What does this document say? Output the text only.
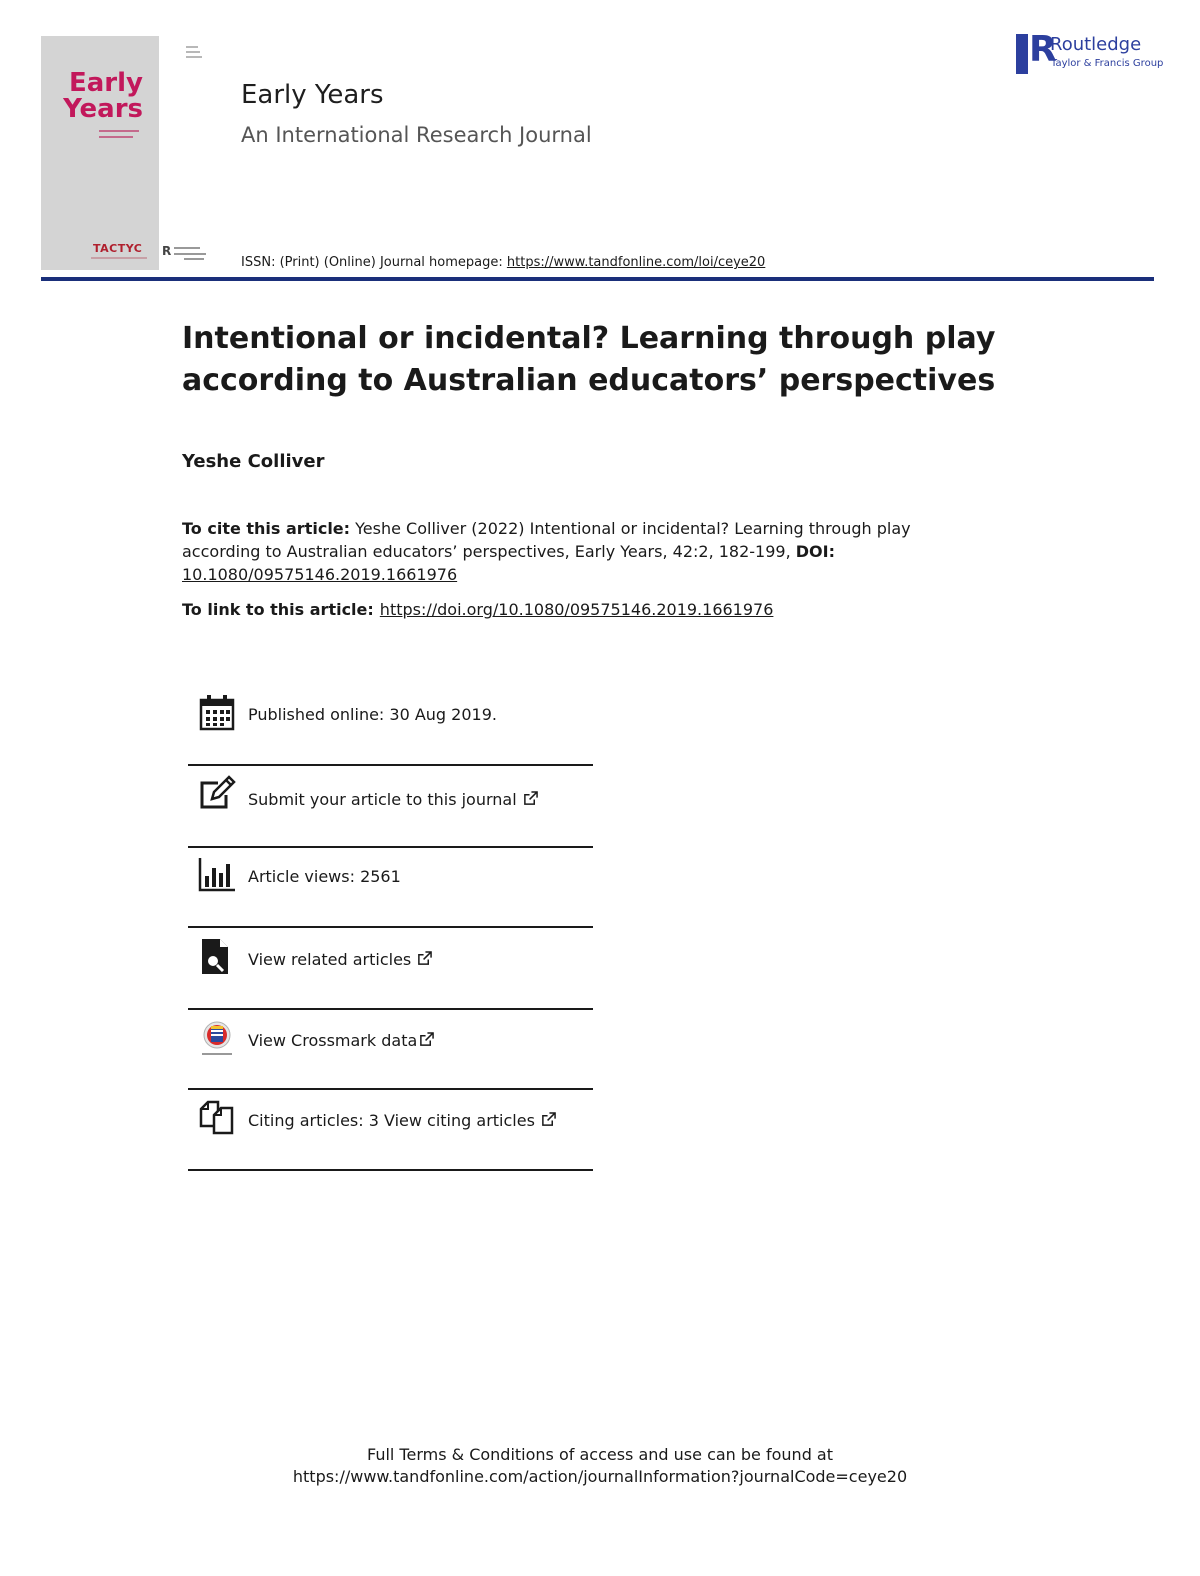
Early
Years
TACTYC R
Early Years
An International Research Journal
ISSN: (Print) (Online) Journal homepage: https://www.tandfonline.com/loi/ceye20
R
Routledge
Taylor & Francis Group
Intentional or incidental? Learning through play according to Australian educators’ perspectives
Yeshe Colliver
To cite this article: Yeshe Colliver (2022) Intentional or incidental? Learning through play according to Australian educators’ perspectives, Early Years, 42:2, 182-199, DOI:
10.1080/09575146.2019.1661976
To link to this article: https://doi.org/10.1080/09575146.2019.1661976
Published online: 30 Aug 2019.
Submit your article to this journal
Article views: 2561
View related articles
View Crossmark data
Citing articles: 3 View citing articles
Full Terms & Conditions of access and use can be found at
https://www.tandfonline.com/action/journalInformation?journalCode=ceye20
